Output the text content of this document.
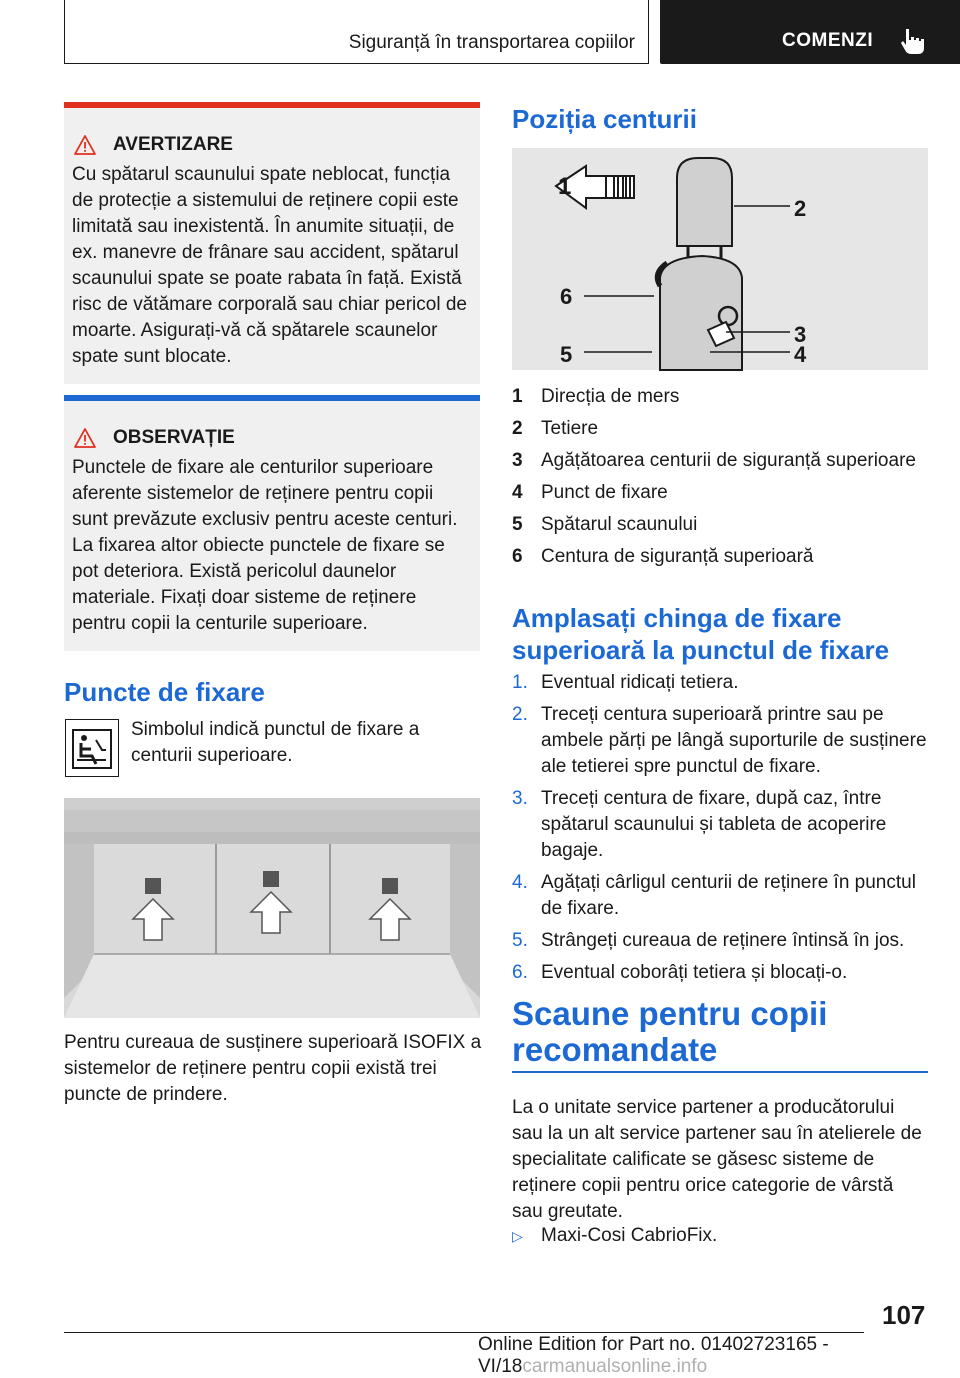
Siguranță în transportarea copiilor	COMENZI
AVERTIZARE

Cu spătarul scaunului spate neblocat, funcția de protecție a sistemului de reținere copii este limitată sau inexistentă. În anumite situații, de ex. manevre de frânare sau accident, spătarul scaunului spate se poate rabata în față. Există risc de vătămare corporală sau chiar pericol de moarte. Asigurați-vă că spătarele scaunelor spate sunt blocate.

OBSERVAȚIE

Punctele de fixare ale centurilor superioare aferente sistemelor de reținere pentru copii sunt prevăzute exclusiv pentru aceste centuri. La fixarea altor obiecte punctele de fixare se pot deteriora. Există pericolul daunelor materiale. Fixați doar sisteme de reținere pentru copii la centurile superioare.

Puncte de fixare
Simbolul indică punctul de fixare a centurii superioare.
Pentru cureaua de susținere superioară ISOFIX a sistemelor de reținere pentru copii există trei puncte de prindere.
Poziția centurii
1
2
3
4
5
6
1 Direcția de mers
2 Tetiere
3 Agățătoarea centurii de siguranță superioare
4 Punct de fixare
5 Spătarul scaunului
6 Centura de siguranță superioară
Amplasați chinga de fixare
superioară la punctul de fixare
1. Eventual ridicați tetiera.
2. Treceți centura superioară printre sau pe ambele părți pe lângă suporturile de susținere ale tetierei spre punctul de fixare.
3. Treceți centura de fixare, după caz, între spătarul scaunului și tableta de acoperire bagaje.
4. Agățați cârligul centurii de reținere în punctul de fixare.
5. Strângeți cureaua de reținere întinsă în jos.
6. Eventual coborâți tetiera și blocați-o.
Scaune pentru copii
recomandate
La o unitate service partener a producătorului sau la un alt service partener sau în atelierele de specialitate calificate se găsesc sisteme de reținere copii pentru orice categorie de vârstă sau greutate.
▷ Maxi-Cosi CabrioFix.
107
Online Edition for Part no. 01402723165 - VI/18carmanualsonline.info
